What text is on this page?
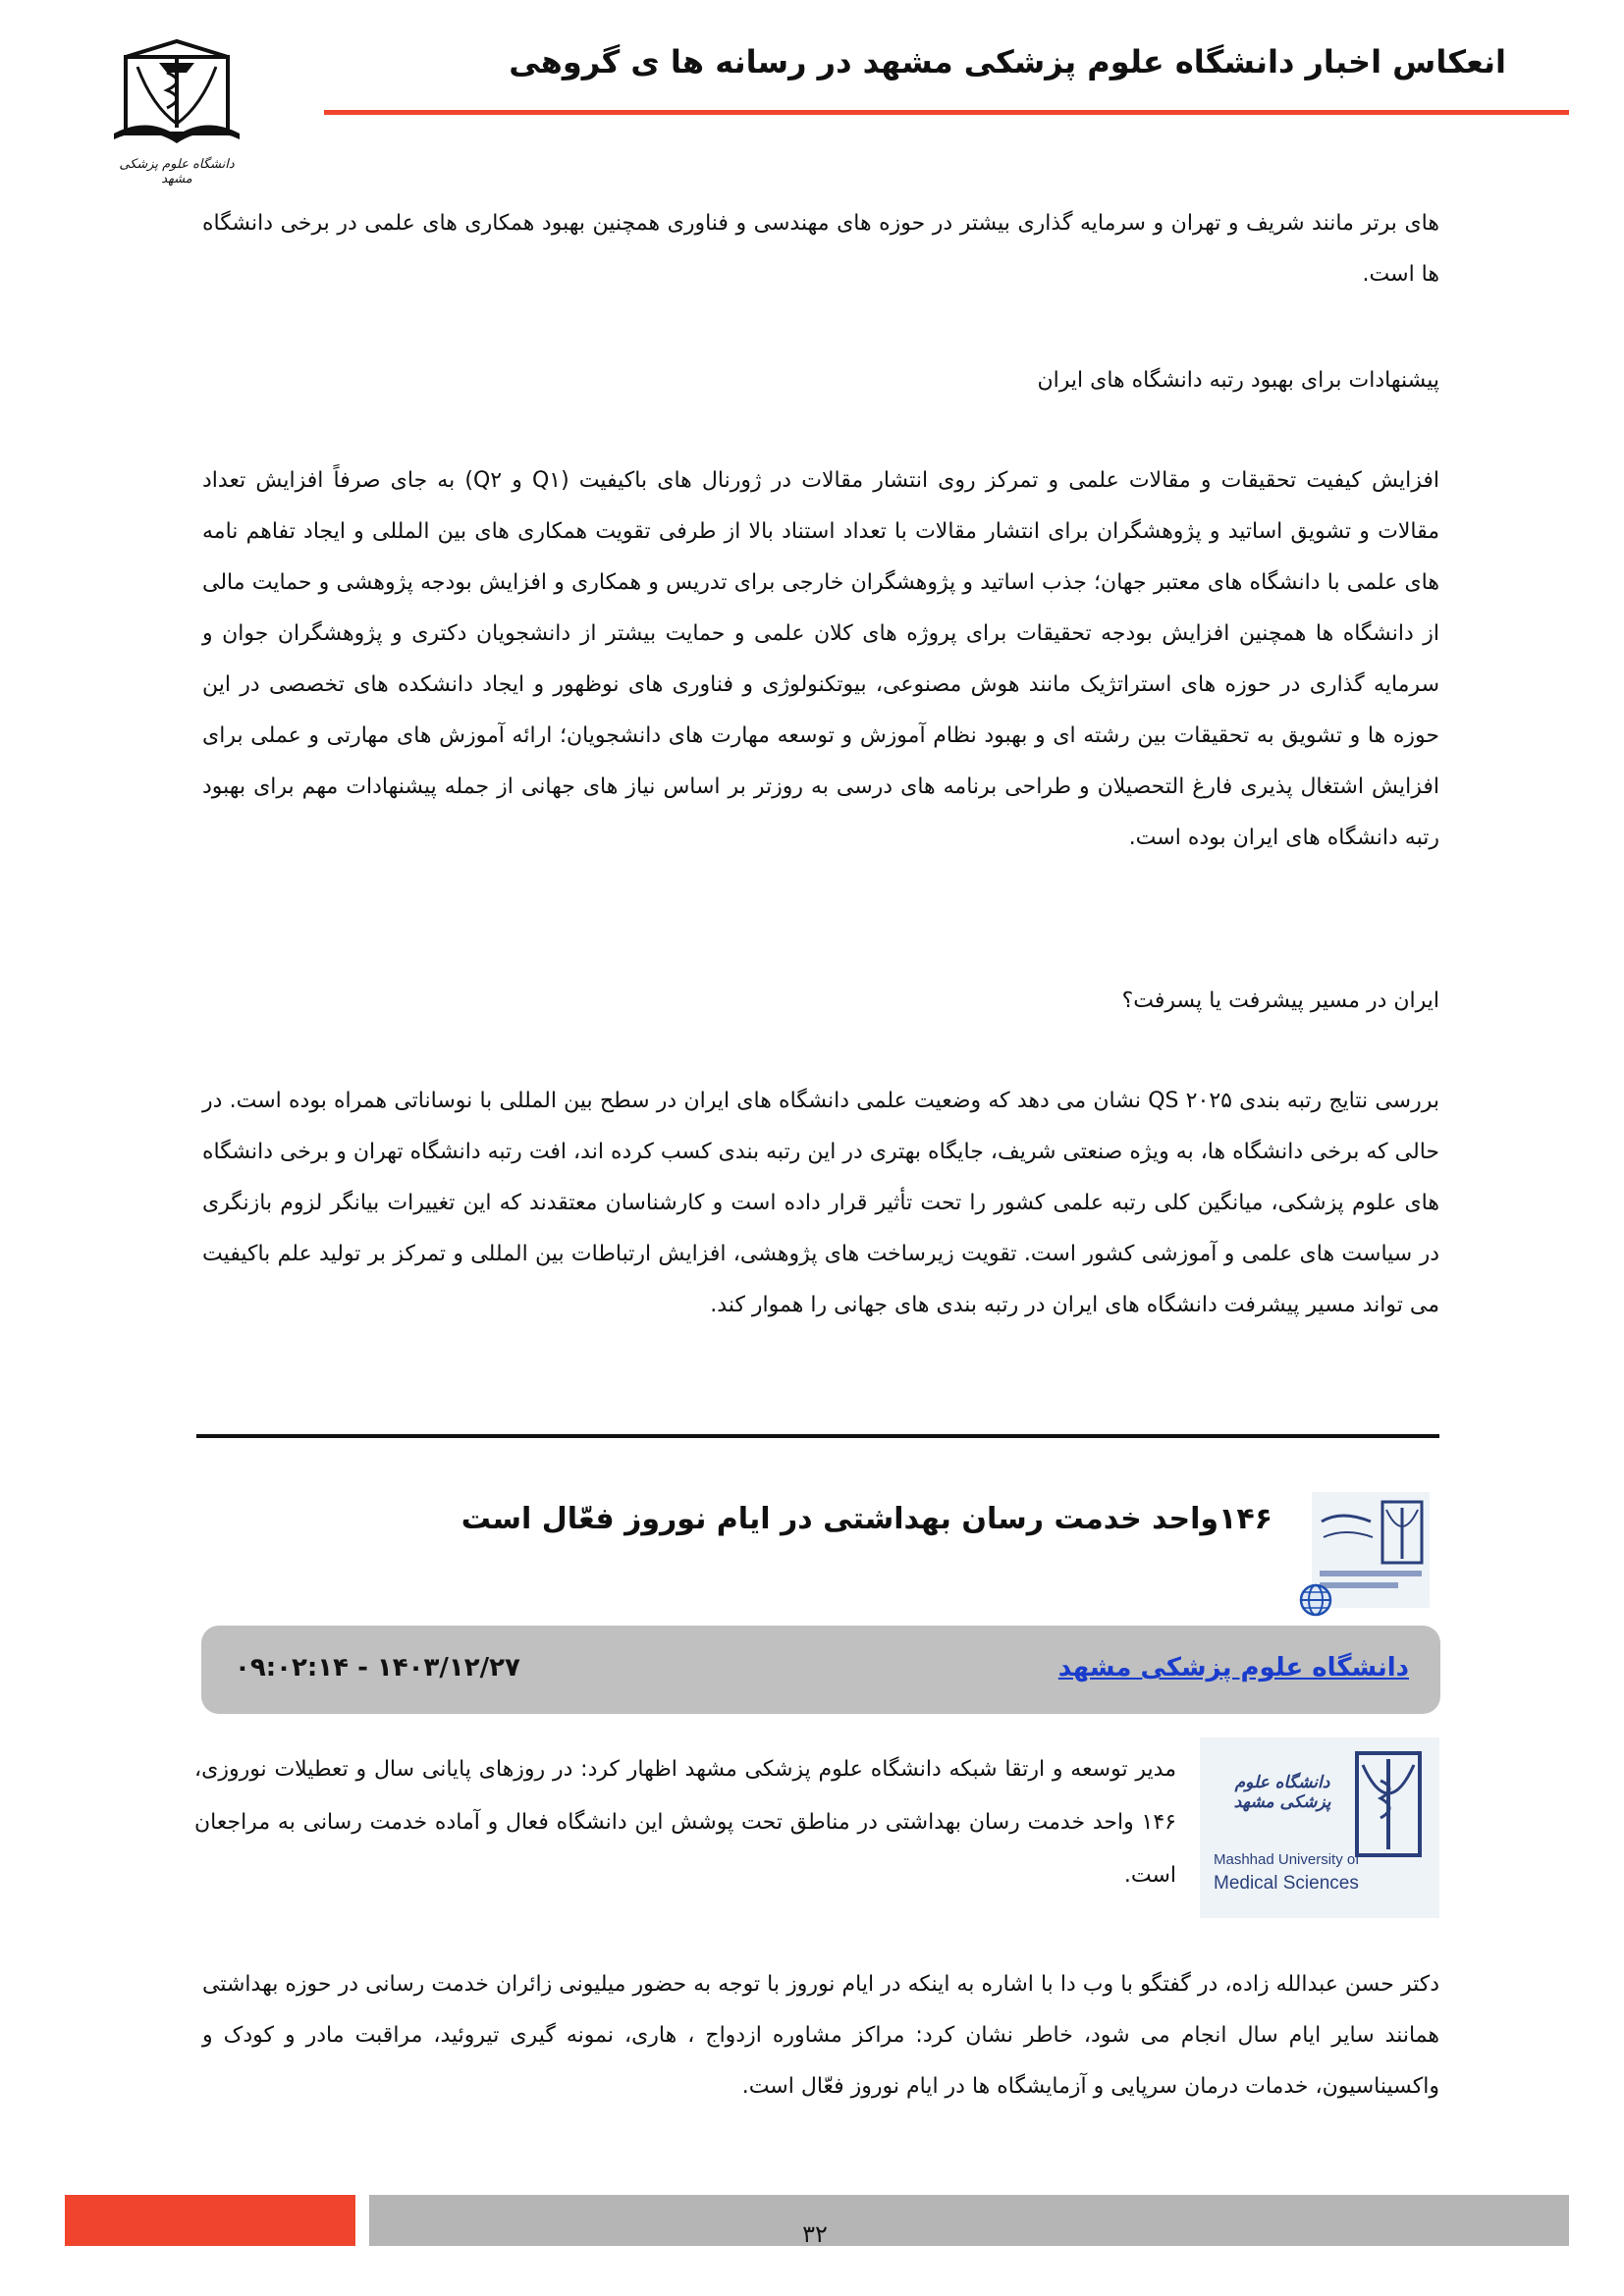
انعکاس اخبار دانشگاه علوم پزشکی مشهد در رسانه ها ی گروهی
دانشگاه علوم پزشکی مشهد

های برتر مانند شریف و تهران و سرمایه گذاری بیشتر در حوزه های مهندسی و فناوری همچنین بهبود همکاری های علمی در برخی دانشگاه ها است.

پیشنهادات برای بهبود رتبه دانشگاه های ایران

افزایش کیفیت تحقیقات و مقالات علمی و تمرکز روی انتشار مقالات در ژورنال های باکیفیت (Q۱ و Q۲) به جای صرفاً افزایش تعداد مقالات و تشویق اساتید و پژوهشگران برای انتشار مقالات با تعداد استناد بالا از طرفی تقویت همکاری های بین المللی و ایجاد تفاهم نامه های علمی با دانشگاه های معتبر جهان؛ جذب اساتید و پژوهشگران خارجی برای تدریس و همکاری و افزایش بودجه پژوهشی و حمایت مالی از دانشگاه ها همچنین افزایش بودجه تحقیقات برای پروژه های کلان علمی و حمایت بیشتر از دانشجویان دکتری و پژوهشگران جوان و سرمایه گذاری در حوزه های استراتژیک مانند هوش مصنوعی، بیوتکنولوژی و فناوری های نوظهور و ایجاد دانشکده های تخصصی در این حوزه ها و تشویق به تحقیقات بین رشته ای و بهبود نظام آموزش و توسعه مهارت های دانشجویان؛ ارائه آموزش های مهارتی و عملی برای افزایش اشتغال پذیری فارغ التحصیلان و طراحی برنامه های درسی به روزتر بر اساس نیاز های جهانی از جمله پیشنهادات مهم برای بهبود رتبه دانشگاه های ایران بوده است.

ایران در مسیر پیشرفت یا پسرفت؟

بررسی نتایج رتبه بندی QS ۲۰۲۵ نشان می دهد که وضعیت علمی دانشگاه های ایران در سطح بین المللی با نوساناتی همراه بوده است. در حالی که برخی دانشگاه ها، به ویژه صنعتی شریف، جایگاه بهتری در این رتبه بندی کسب کرده اند، افت رتبه دانشگاه تهران و برخی دانشگاه های علوم پزشکی، میانگین کلی رتبه علمی کشور را تحت تأثیر قرار داده است و کارشناسان معتقدند که این تغییرات بیانگر لزوم بازنگری در سیاست های علمی و آموزشی کشور است. تقویت زیرساخت های پژوهشی، افزایش ارتباطات بین المللی و تمرکز بر تولید علم باکیفیت می تواند مسیر پیشرفت دانشگاه های ایران در رتبه بندی های جهانی را هموار کند.

۱۴۶واحد خدمت رسان بهداشتی در ایام نوروز فعّال است
دانشگاه علوم پزشکی مشهد
۱۴۰۳/۱۲/۲۷ - ۰۹:۰۲:۱۴
دانشگاه علوم پزشکی مشهد
Mashhad University of
Medical Sciences

مدیر توسعه و ارتقا شبکه دانشگاه علوم پزشکی مشهد اظهار کرد: در روزهای پایانی سال و تعطیلات نوروزی، ۱۴۶ واحد خدمت رسان بهداشتی در مناطق تحت پوشش این دانشگاه فعال و آماده خدمت رسانی به مراجعان است.

دکتر حسن عبدالله زاده، در گفتگو با وب دا با اشاره به اینکه در ایام نوروز با توجه به حضور میلیونی زائران خدمت رسانی در حوزه بهداشتی همانند سایر ایام سال انجام می شود، خاطر نشان کرد: مراکز مشاوره ازدواج ، هاری، نمونه گیری تیروئید، مراقبت مادر و کودک و واکسیناسیون، خدمات درمان سرپایی و آزمایشگاه ها در ایام نوروز فعّال است.

۳۲
